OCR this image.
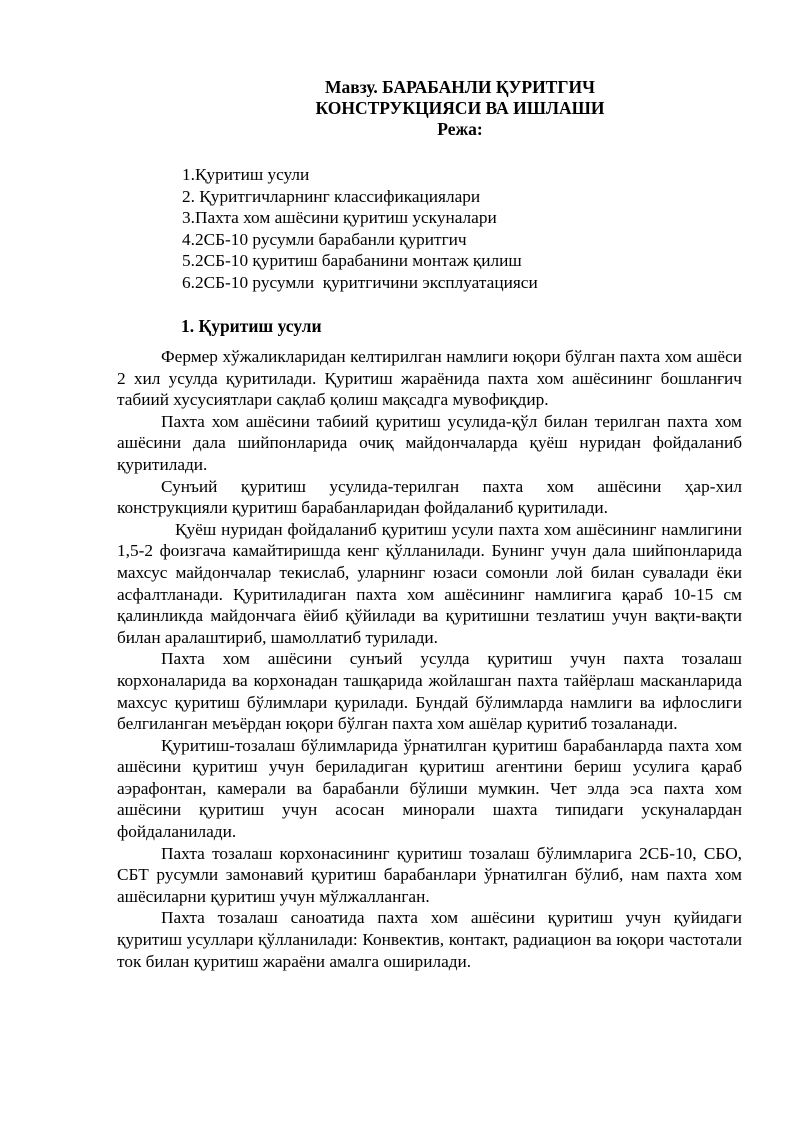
Мавзу. БАРАБАНЛИ ҚУРИТГИЧ
КОНСТРУКЦИЯСИ ВА ИШЛАШИ
Режа:
1.Қуритиш усули
2. Қуритгичларнинг классификациялари
3.Пахта хом ашёсини қуритиш ускуналари
4.2СБ-10 русумли барабанли қуритгич
5.2СБ-10 қуритиш барабанини монтаж қилиш
6.2СБ-10 русумли  қуритгичини эксплуатацияси
1. Қуритиш усули

Фермер хўжаликларидан келтирилган намлиги юқори бўлган пахта хом ашёси 2 хил усулда қуритилади. Қуритиш жараёнида пахта хом ашёсининг бошланғич табиий хусусиятлари сақлаб қолиш мақсадга мувофиқдир.

Пахта хом ашёсини табиий қуритиш усулида-қўл билан терилган пахта хом ашёсини дала шийпонларида очиқ майдончаларда қуёш нуридан фойдаланиб қуритилади.

Сунъий қуритиш усулида-терилган пахта хом ашёсини ҳар-хил конструкцияли қуритиш барабанларидан фойдаланиб қуритилади.

Қуёш нуридан фойдаланиб қуритиш усули пахта хом ашёсининг намлигини 1,5-2 фоизгача камайтиришда кенг қўлланилади. Бунинг учун дала шийпонларида махсус майдончалар текислаб, уларнинг юзаси сомонли лой билан сувалади ёки асфалтланади. Қуритиладиган пахта хом ашёсининг намлигига қараб 10-15 см қалинликда майдончага ёйиб қўйилади ва қуритишни тезлатиш учун вақти-вақти билан аралаштириб, шамоллатиб турилади.

Пахта хом ашёсини сунъий усулда қуритиш учун пахта тозалаш корхоналарида ва корхонадан ташқарида жойлашган пахта тайёрлаш масканларида махсус қуритиш бўлимлари қурилади. Бундай бўлимларда намлиги ва ифлослиги белгиланган меъёрдан юқори бўлган пахта хом ашёлар қуритиб тозаланади.

Қуритиш-тозалаш бўлимларида ўрнатилган қуритиш барабанларда пахта хом ашёсини қуритиш учун бериладиган қуритиш агентини бериш усулига қараб аэрафонтан, камерали ва барабанли бўлиши мумкин. Чет элда эса пахта хом ашёсини қуритиш учун асосан минорали шахта типидаги ускуналардан фойдаланилади.

Пахта тозалаш корхонасининг қуритиш тозалаш бўлимларига 2СБ-10, СБО, СБТ русумли замонавий қуритиш барабанлари ўрнатилган бўлиб, нам пахта хом ашёсиларни қуритиш учун мўлжалланган.

Пахта тозалаш саноатида пахта хом ашёсини қуритиш учун қуйидаги қуритиш усуллари қўлланилади: Конвектив, контакт, радиацион ва юқори частотали ток билан қуритиш жараёни амалга оширилади.
